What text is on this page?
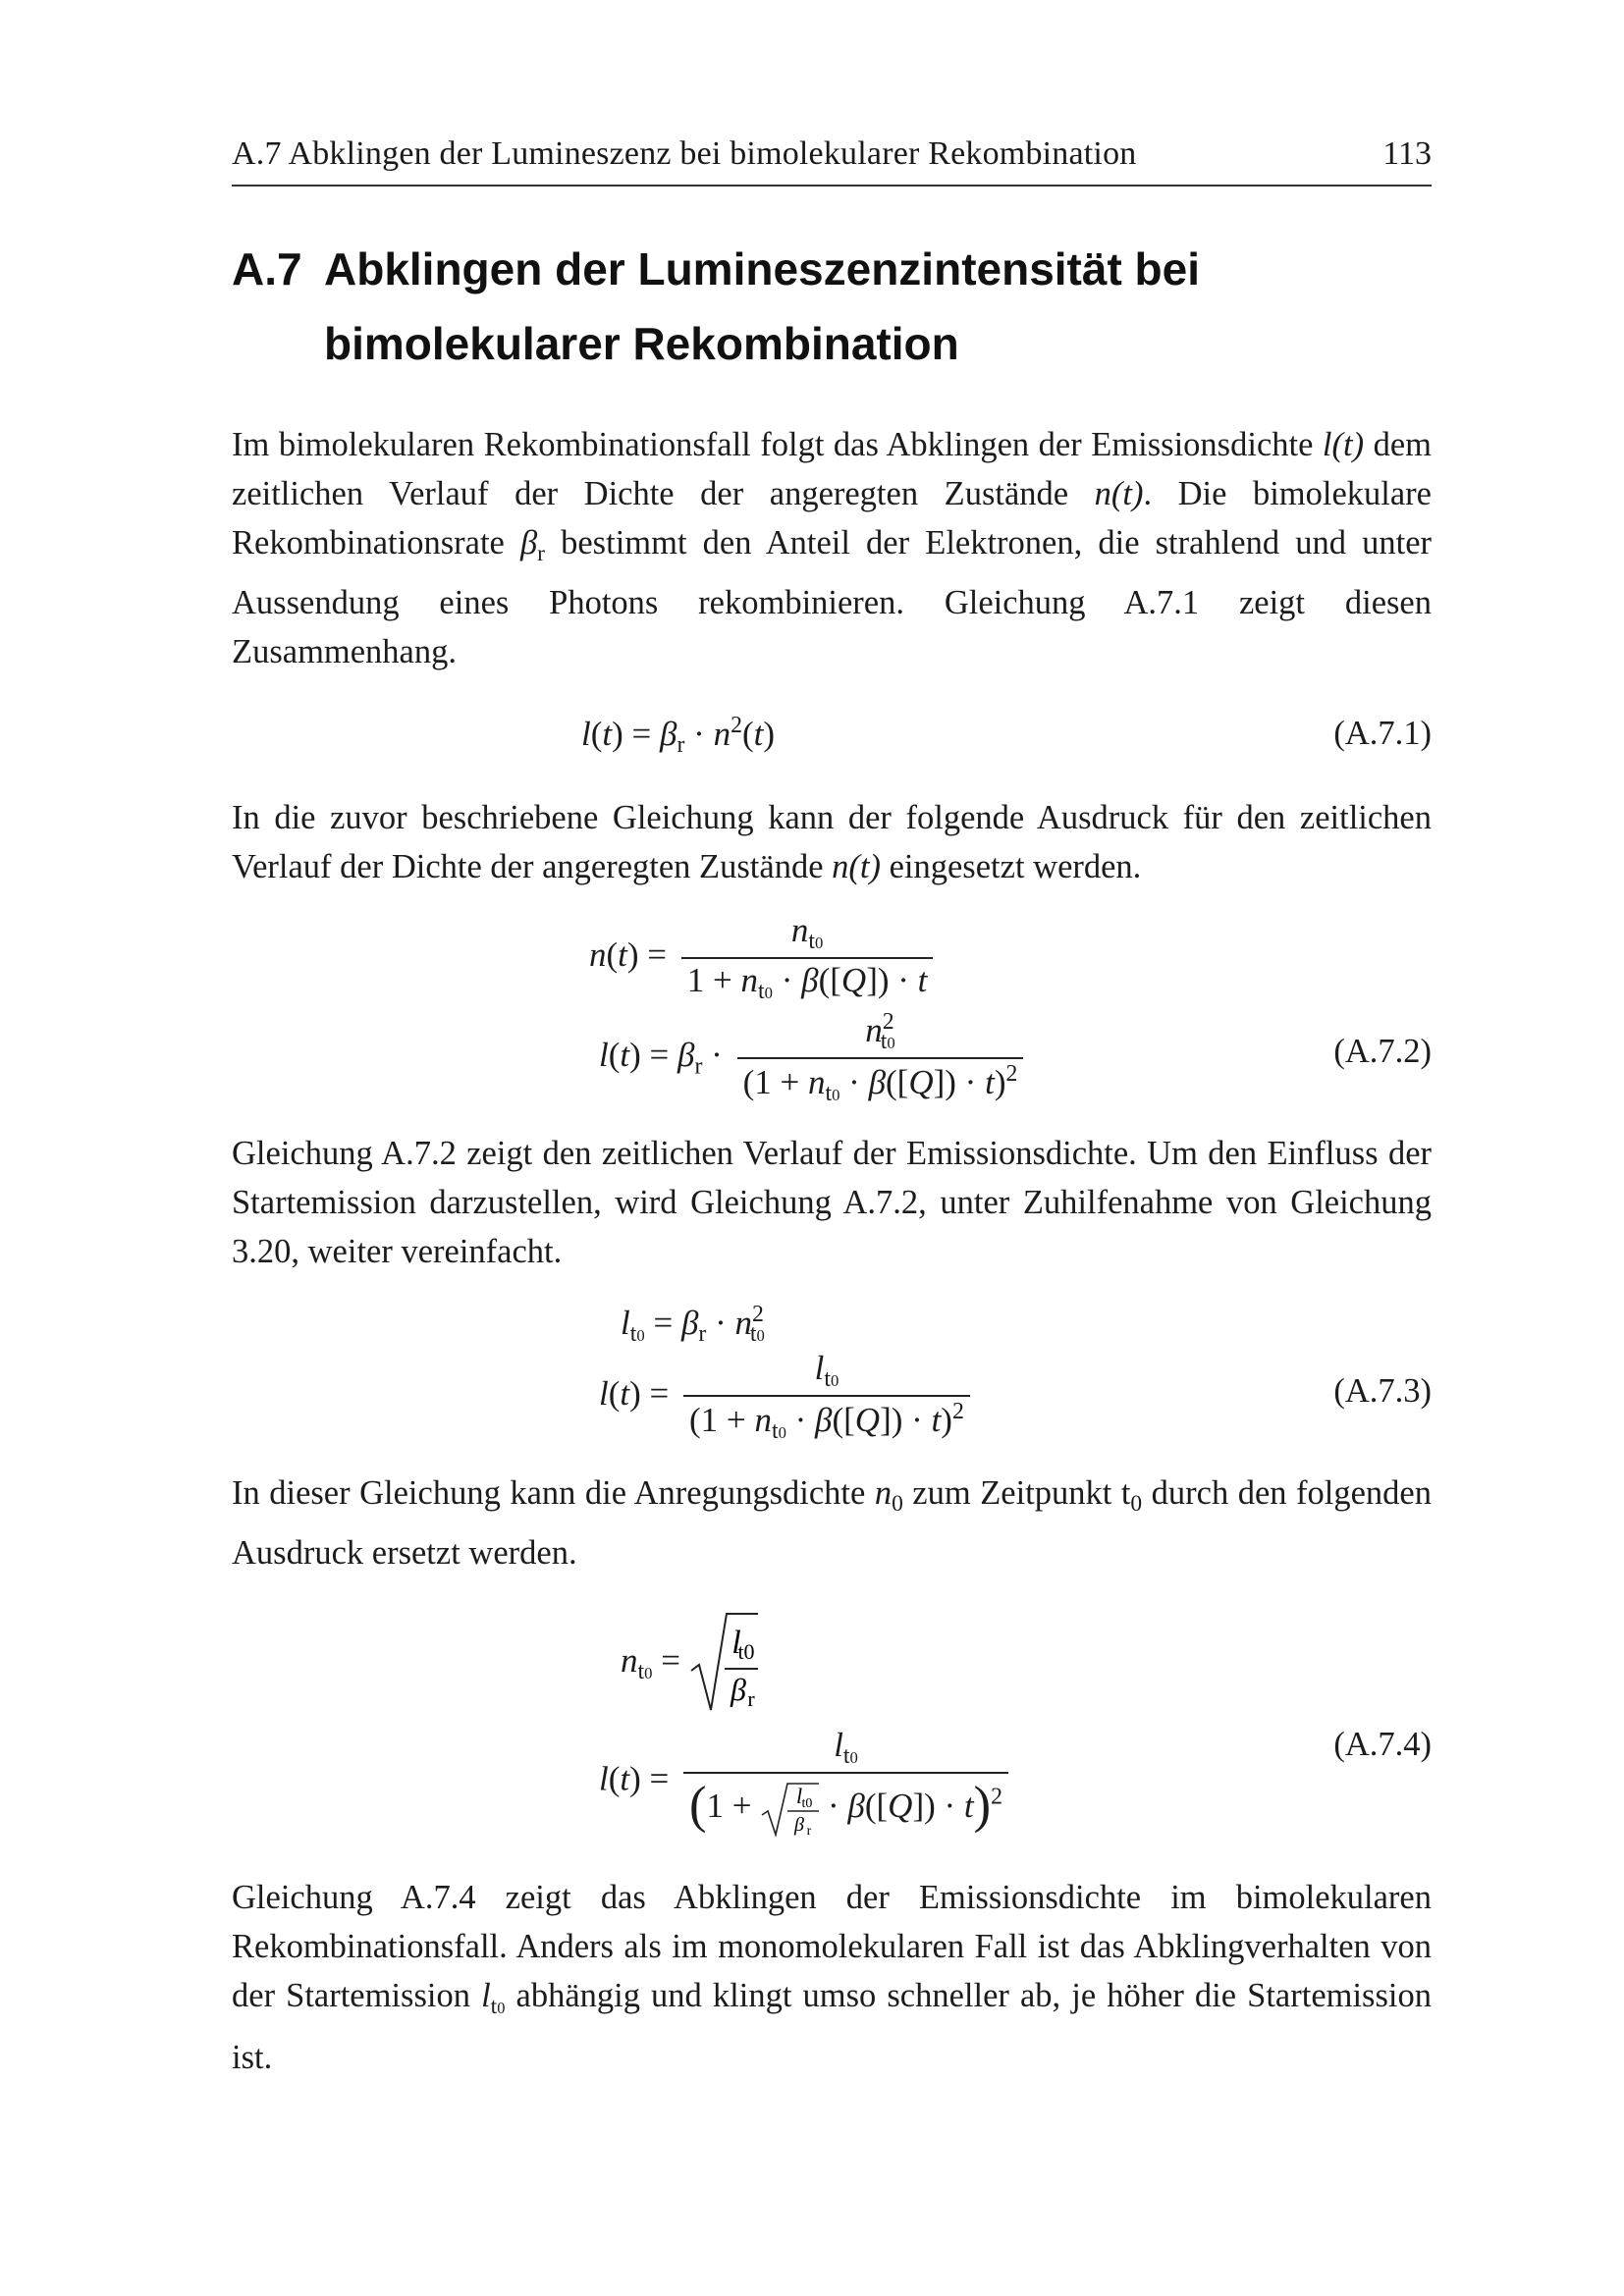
A.7 Abklingen der Lumineszenz bei bimolekularer Rekombination	113
A.7 Abklingen der Lumineszenzintensität bei
bimolekularer Rekombination
Im bimolekularen Rekombinationsfall folgt das Abklingen der Emissionsdichte l(t) dem zeitlichen Verlauf der Dichte der angeregten Zustände n(t). Die bimolekulare Rekombinationsrate $\beta_r$ bestimmt den Anteil der Elektronen, die strahlend und unter Aussendung eines Photons rekombinieren. Gleichung A.7.1 zeigt diesen Zusammenhang.
$l(t) = \beta_r \cdot n^2(t)$	(A.7.1)
In die zuvor beschriebene Gleichung kann der folgende Ausdruck für den zeitlichen Verlauf der Dichte der angeregten Zustände n(t) eingesetzt werden.
$n(t) = \frac{n_{t0}}{1 + n_{t0} \cdot \beta([Q]) \cdot t}$
$l(t) = \beta_r \cdot \frac{n^2_{t0}}{(1 + n_{t0} \cdot \beta([Q]) \cdot t)^2}$	(A.7.2)
Gleichung A.7.2 zeigt den zeitlichen Verlauf der Emissionsdichte. Um den Einfluss der Startemission darzustellen, wird Gleichung A.7.2, unter Zuhilfenahme von Gleichung 3.20, weiter vereinfacht.
$l_{t0} = \beta_r \cdot n^2_{t0}$
$l(t) = \frac{l_{t0}}{(1 + n_{t0} \cdot \beta([Q]) \cdot t)^2}$	(A.7.3)
In dieser Gleichung kann die Anregungsdichte $n_0$ zum Zeitpunkt $t_0$ durch den folgenden Ausdruck ersetzt werden.
$n_{t0} = l$
t0
β r
l(t) =
$l_{t0}$
(1 + l t0
β r
· β([Q]) · t)$^2$
(A.7.4)
Gleichung A.7.4 zeigt das Abklingen der Emissionsdichte im bimolekularen Rekombinationsfall. Anders als im monomolekularen Fall ist das Abklingverhalten von der Startemission $l_{t0}$ abhängig und klingt umso schneller ab, je höher die Startemission ist.
